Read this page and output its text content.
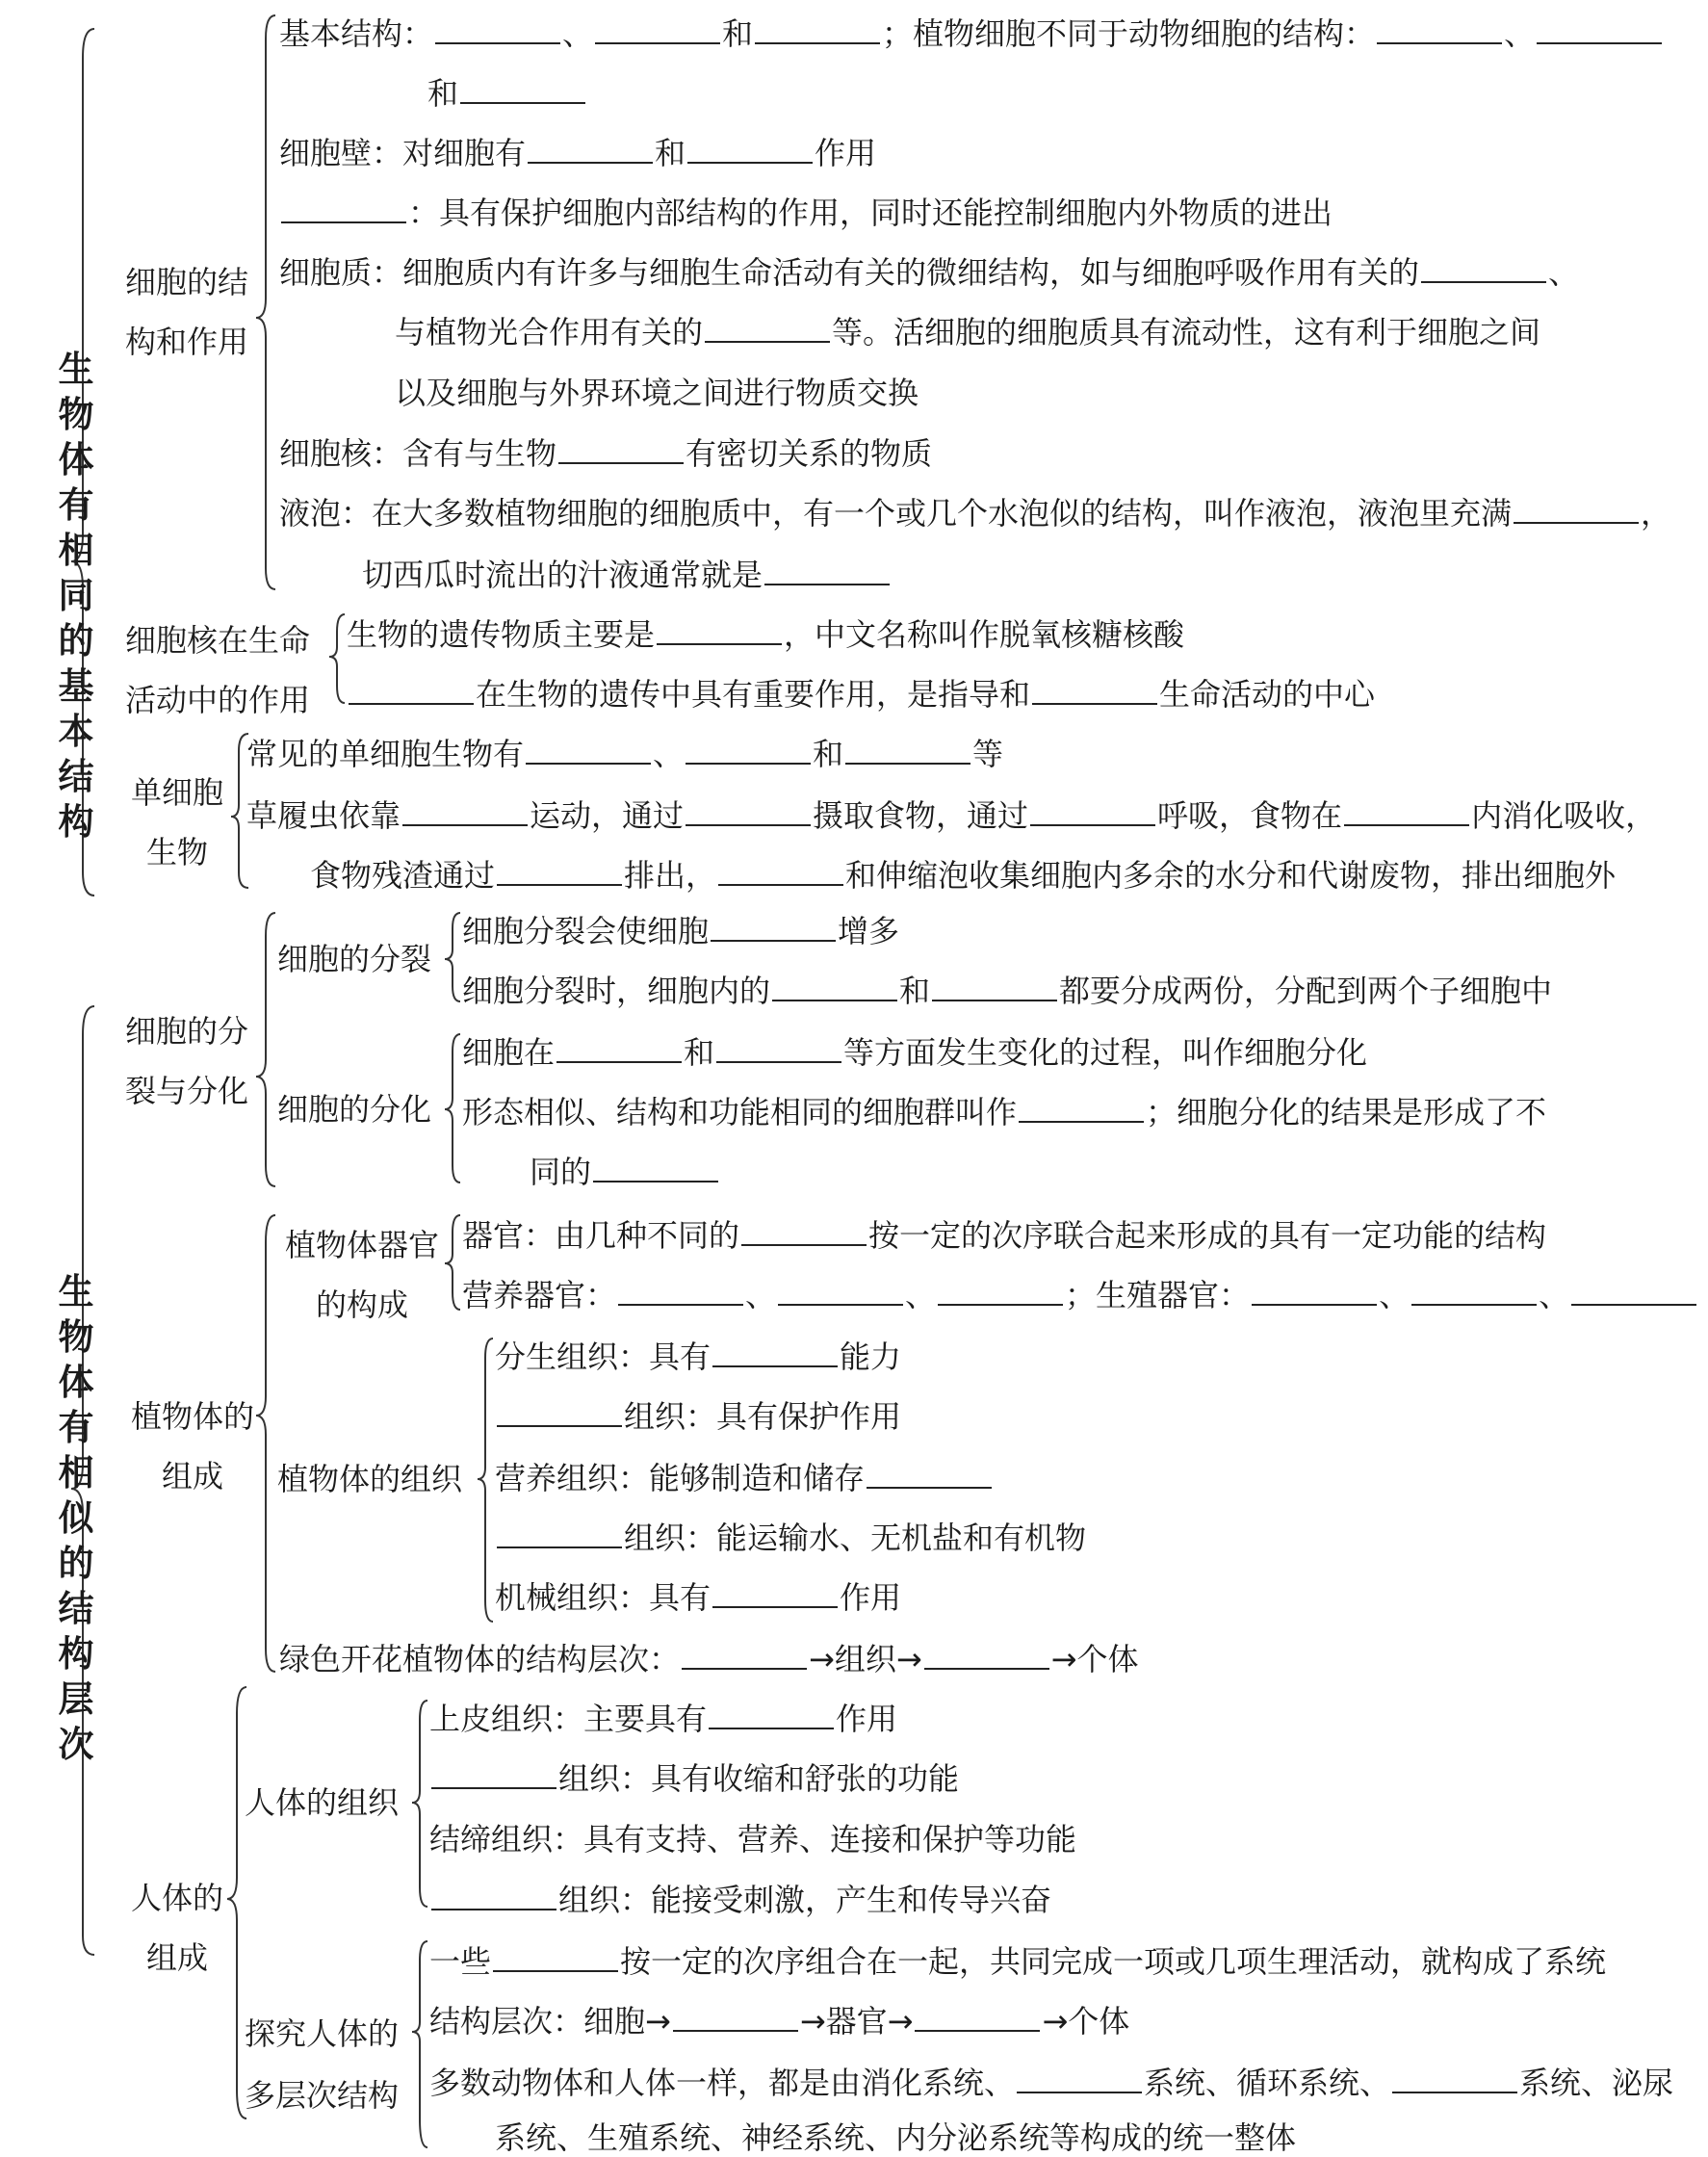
生物体有相同的基本结构
生物体有相似的结构层次
细胞的结构和作用
细胞核在生命活动中的作用
单细胞生物
细胞的分裂与分化
植物体的组成
人体的组成
细胞的分裂
细胞的分化
植物体器官的构成
植物体的组织
人体的组织
探究人体的多层次结构
基本结构：	、	和	；植物细胞不同于动物细胞的结构：	、
和
细胞壁：对细胞有	和	作用
：具有保护细胞内部结构的作用，同时还能控制细胞内外物质的进出
细胞质：细胞质内有许多与细胞生命活动有关的微细结构，如与细胞呼吸作用有关的	、
与植物光合作用有关的	等。活细胞的细胞质具有流动性，这有利于细胞之间
以及细胞与外界环境之间进行物质交换
细胞核：含有与生物	有密切关系的物质
液泡：在大多数植物细胞的细胞质中，有一个或几个水泡似的结构，叫作液泡，液泡里充满	，
切西瓜时流出的汁液通常就是
生物的遗传物质主要是	，中文名称叫作脱氧核糖核酸
在生物的遗传中具有重要作用，是指导和	生命活动的中心
常见的单细胞生物有	、	和	等
草履虫依靠	运动，通过	摄取食物，通过	呼吸，食物在	内消化吸收，
食物残渣通过	排出，	和伸缩泡收集细胞内多余的水分和代谢废物，排出细胞外
细胞分裂会使细胞	增多
细胞分裂时，细胞内的	和	都要分成两份，分配到两个子细胞中
细胞在	和	等方面发生变化的过程，叫作细胞分化
形态相似、结构和功能相同的细胞群叫作	；细胞分化的结果是形成了不
同的
器官：由几种不同的	按一定的次序联合起来形成的具有一定功能的结构
营养器官：	、	、	；生殖器官：	、	、
分生组织：具有	能力
组织：具有保护作用
营养组织：能够制造和储存
组织：能运输水、无机盐和有机物
机械组织：具有	作用
绿色开花植物体的结构层次：	→组织→	→个体
上皮组织：主要具有	作用
组织：具有收缩和舒张的功能
结缔组织：具有支持、营养、连接和保护等功能
组织：能接受刺激，产生和传导兴奋
一些	按一定的次序组合在一起，共同完成一项或几项生理活动，就构成了系统
结构层次：细胞→	→器官→	→个体
多数动物体和人体一样，都是由消化系统、	系统、循环系统、	系统、泌尿
系统、生殖系统、神经系统、内分泌系统等构成的统一整体
